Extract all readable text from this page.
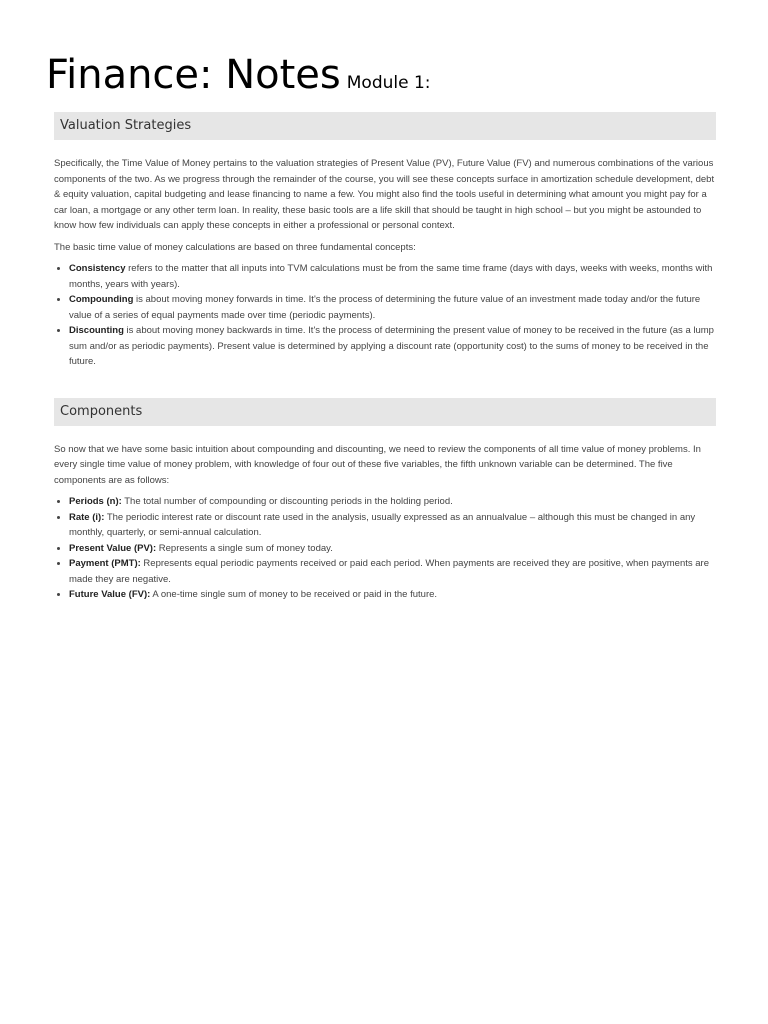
Finance: Notes Module 1:
Valuation Strategies

Specifically, the Time Value of Money pertains to the valuation strategies of Present Value (PV), Future Value (FV) and numerous combinations of the various components of the two. As we progress through the remainder of the course, you will see these concepts surface in amortization schedule development, debt & equity valuation, capital budgeting and lease financing to name a few. You might also find the tools useful in determining what amount you might pay for a car loan, a mortgage or any other term loan. In reality, these basic tools are a life skill that should be taught in high school – but you might be astounded to know how few individuals can apply these concepts in either a professional or personal context.

The basic time value of money calculations are based on three fundamental concepts:

• Consistency refers to the matter that all inputs into TVM calculations must be from the same time frame (days with days, weeks with weeks, months with months, years with years).
• Compounding is about moving money forwards in time. It's the process of determining the future value of an investment made today and/or the future value of a series of equal payments made over time (periodic payments).
• Discounting is about moving money backwards in time. It's the process of determining the present value of money to be received in the future (as a lump sum and/or as periodic payments). Present value is determined by applying a discount rate (opportunity cost) to the sums of money to be received in the future.
Components

So now that we have some basic intuition about compounding and discounting, we need to review the components of all time value of money problems. In every single time value of money problem, with knowledge of four out of these five variables, the fifth unknown variable can be determined. The five components are as follows:

• Periods (n): The total number of compounding or discounting periods in the holding period.
• Rate (i): The periodic interest rate or discount rate used in the analysis, usually expressed as an annualvalue – although this must be changed in any monthly, quarterly, or semi-annual calculation.
• Present Value (PV): Represents a single sum of money today.
• Payment (PMT): Represents equal periodic payments received or paid each period. When payments are received they are positive, when payments are made they are negative.
• Future Value (FV): A one-time single sum of money to be received or paid in the future.
